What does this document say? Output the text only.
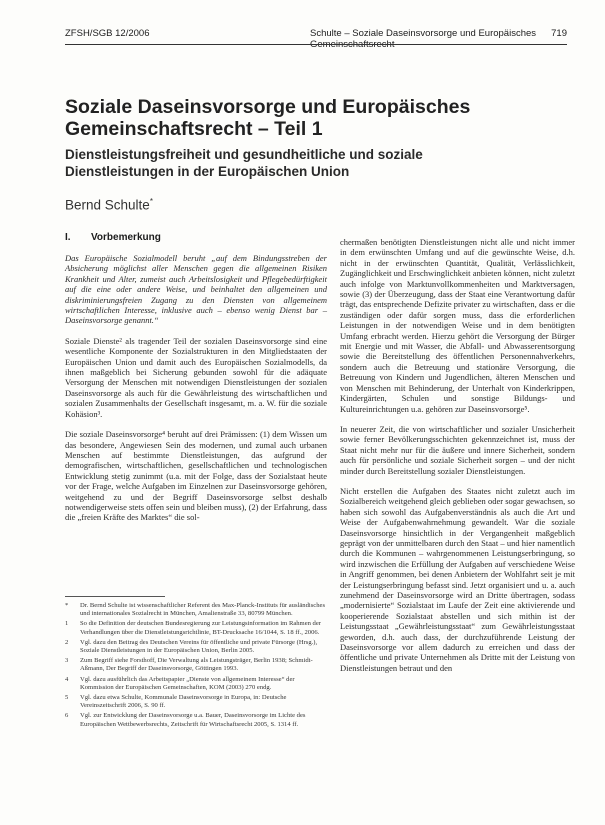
ZFSH/SGB 12/2006	Schulte – Soziale Daseinsvorsorge und Europäisches Gemeinschaftsrecht
719
Soziale Daseinsvorsorge und Europäisches Gemeinschaftsrecht – Teil 1
Dienstleistungsfreiheit und gesundheitliche und soziale Dienstleistungen in der Europäischen Union
Bernd Schulte*
I. Vorbemerkung

Das Europäische Sozialmodell beruht „auf dem Bindungsstreben der Absicherung möglichst aller Menschen gegen die allgemeinen Risiken Krankheit und Alter, zumeist auch Arbeitslosigkeit und Pflegebedürftigkeit auf die eine oder andere Weise, und beinhaltet den allgemeinen und diskriminierungsfreien Zugang zu den Diensten von allgemeinem wirtschaftlichen Interesse, inklusive auch – ebenso wenig Dienst bar – Daseinsvorsorge genannt.“

Soziale Dienste² als tragender Teil der sozialen Daseinsvorsorge sind eine wesentliche Komponente der Sozialstrukturen in den Mitgliedstaaten der Europäischen Union und damit auch des Europäischen Sozialmodells, da ihnen maßgeblich bei Sicherung gebunden sowohl für die adäquate Versorgung der Menschen mit notwendigen Dienstleistungen der sozialen Daseinsvorsorge als auch für die Gewährleistung des wirtschaftlichen und sozialen Zusammenhalts der Gesellschaft insgesamt, m. a. W. für die soziale Kohäsion³.

Die soziale Daseinsvorsorge⁴ beruht auf drei Prämissen: (1) dem Wissen um das besondere, Angewiesen Sein des modernen, und zumal auch urbanen Menschen auf bestimmte Dienstleistungen, das aufgrund der demografischen, wirtschaftlichen, gesellschaftlichen und technologischen Entwicklung stetig zunimmt (u.a. mit der Folge, dass der Sozialstaat heute vor der Frage, welche Aufgaben im Einzelnen zur Daseinsvorsorge gehören, weitgehend zu und der Begriff Daseinsvorsorge selbst deshalb notwendigerweise stets offen sein und bleiben muss), (2) der Erfahrung, dass die „freien Kräfte des Marktes“ die sol-

* Dr. Bernd Schulte ist wissenschaftlicher Referent des Max-Planck-Instituts für ausländisches und internationales Sozialrecht in München, Amalienstraße 33, 80799 München.
1 So die Definition der deutschen Bundesregierung zur Leistungsinformation im Rahmen der Verhandlungen über die Dienstleistungsrichtlinie, BT-Drucksache 16/1044, S. 18 ff., 2006.
2 Vgl. dazu den Beitrag des Deutschen Vereins für öffentliche und private Fürsorge (Hrsg.), Soziale Dienstleistungen in der Europäischen Union, Berlin 2005.
3 Zum Begriff siehe Forsthoff, Die Verwaltung als Leistungsträger, Berlin 1938; Schmidt-Aßmann, Der Begriff der Daseinsvorsorge, Göttingen 1993.
4 Vgl. dazu ausführlich das Arbeitspapier „Dienste von allgemeinem Interesse“ der Kommission der Europäischen Gemeinschaften, KOM (2003) 270 endg.
5 Vgl. dazu etwa Schulte, Kommunale Daseinsvorsorge in Europa, in: Deutsche Vereinszeitschrift 2006, S. 90 ff.
6 Vgl. zur Entwicklung der Daseinsvorsorge u.a. Bauer, Daseinsvorsorge im Lichte des Europäischen Wettbewerbsrechts, Zeitschrift für Wirtschaftsrecht 2005, S. 1314 ff.

chermaßen benötigten Dienstleistungen nicht alle und nicht immer in dem erwünschten Umfang und auf die gewünschte Weise, d.h. nicht in der erwünschten Quantität, Qualität, Verlässlichkeit, Zugänglichkeit und Erschwinglichkeit anbieten können, nicht zuletzt auch infolge von Marktunvollkommenheiten und Marktversagen, sowie (3) der Überzeugung, dass der Staat eine Verantwortung dafür trägt, das entsprechende Defizite privater zu wirtschaften, dass er die zuständigen oder dafür sorgen muss, dass die erforderlichen Leistungen in der notwendigen Weise und in dem benötigten Umfang erbracht werden. Hierzu gehört die Versorgung der Bürger mit Energie und mit Wasser, die Abfall- und Abwasserentsorgung sowie die Bereitstellung des öffentlichen Personennahverkehrs, sondern auch die Betreuung und stationäre Versorgung, die Betreuung von Kindern und Jugendlichen, älteren Menschen und von Menschen mit Behinderung, der Unterhalt von Kinderkrippen, Kindergärten, Schulen und sonstige Bildungs- und Kultureinrichtungen u.a. gehören zur Daseinsvorsorge⁵.

In neuerer Zeit, die von wirtschaftlicher und sozialer Unsicherheit sowie ferner Bevölkerungsschichten gekennzeichnet ist, muss der Staat nicht mehr nur für die äußere und innere Sicherheit, sondern auch für persönliche und soziale Sicherheit sorgen – und der nicht minder durch Bereitstellung sozialer Dienstleistungen.

Nicht erstellen die Aufgaben des Staates nicht zuletzt auch im Sozialbereich weitgehend gleich geblieben oder sogar gewachsen, so haben sich sowohl das Aufgabenverständnis als auch die Art und Weise der Aufgabenwahrnehmung gewandelt. War die soziale Daseinsvorsorge hinsichtlich in der Vergangenheit maßgeblich geprägt von der unmittelbaren durch den Staat – und hier namentlich durch die Kommunen – wahrgenommenen Leistungserbringung, so wird inzwischen die Erfüllung der Aufgaben auf verschiedene Weise in Angriff genommen, bei denen Anbietern der Wohlfahrt seit je mit der Leistungserbringung befasst sind. Jetzt organisiert und u. a. auch zunehmend der Daseinsvorsorge wird an Dritte übertragen, sodass „modernisierte“ Sozialstaat im Laufe der Zeit eine aktivierende und kooperierende Sozialstaat abstellen und sich mithin ist der Leistungsstaat „Gewährleistungsstaat“ zum Gewährleistungsstaat geworden, d.h. auch dass, der durchzuführende Leistung der Daseinsvorsorge vor allem dadurch zu erreichen und dass der öffentliche und private Unternehmen als Dritte mit der Leistung von Dienstleistungen betraut und den
